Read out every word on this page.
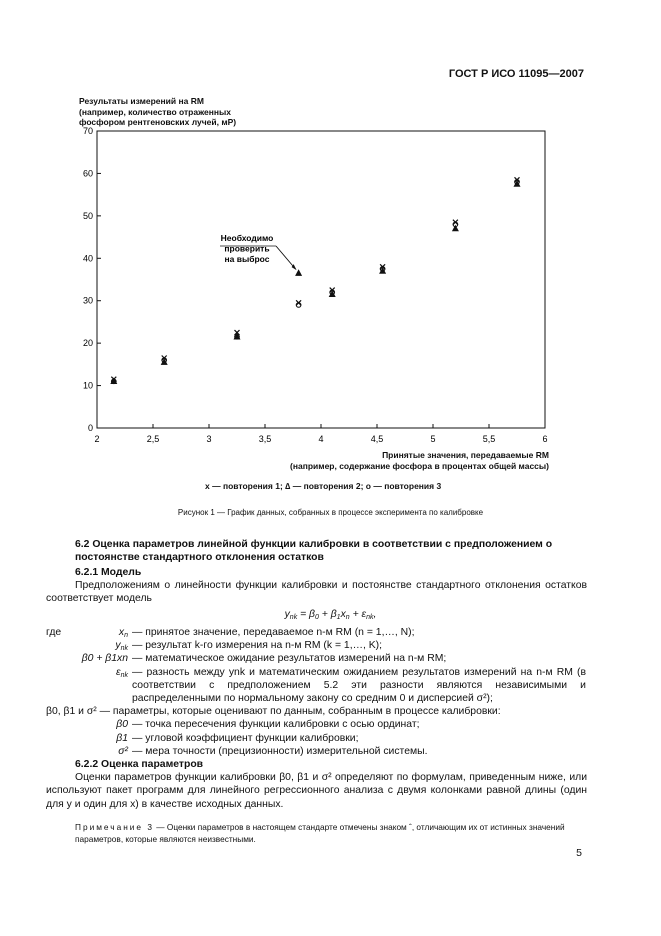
ГОСТ Р ИСО 11095—2007
Результаты измерений на RM
(например, количество отраженных
фосфором рентгеновских лучей, мР)
2	2,5	3	3,5	4	4,5	5	5,5	6
0
10
20
30
40
50
60
70
Необходимо
проверить
на выброс
Принятые значения, передаваемые RM
(например, содержание фосфора в процентах общей массы)
x — повторения 1; ∆ — повторения 2; o — повторения 3
Рисунок 1 — График данных, собранных в процессе эксперимента по калибровке
6.2 Оценка параметров линейной функции калибровки в соответствии с предположением о постоянстве стандартного отклонения остатков
6.2.1 Модель
Предположениям о линейности функции калибровки и постоянстве стандартного отклонения остатков соответствует модель
$y_{nk} = \beta_0 + \beta_1x_n + \varepsilon_{nk}$,
где	$x_n$ — принятое значение, передаваемое n-м RM (n = 1,…, N);
$y_{nk}$ — результат k-го измерения на n-м RM (k = 1,…, K);
β0 + β1xn — математическое ожидание результатов измерений на n-м RM;
$\varepsilon_{nk}$ — разность между ynk и математическим ожиданием результатов измерений на n-м RM (в соответствии с предположением 5.2 эти разности являются независимыми и распределенными по нормальному закону со средним 0 и дисперсией σ²);
β0, β1 и σ² — параметры, которые оценивают по данным, собранным в процессе калибровки:
β0 — точка пересечения функции калибровки с осью ординат;
β1 — угловой коэффициент функции калибровки;
σ² — мера точности (прецизионности) измерительной системы.
6.2.2 Оценка параметров
Оценки параметров функции калибровки β0, β1 и σ² определяют по формулам, приведенным ниже, или используют пакет программ для линейного регрессионного анализа с двумя колонками равной длины (один для y и один для x) в качестве исходных данных.
Примечание 3 — Оценки параметров в настоящем стандарте отмечены знаком ˆ, отличающим их от истинных значений параметров, которые являются неизвестными.
5
